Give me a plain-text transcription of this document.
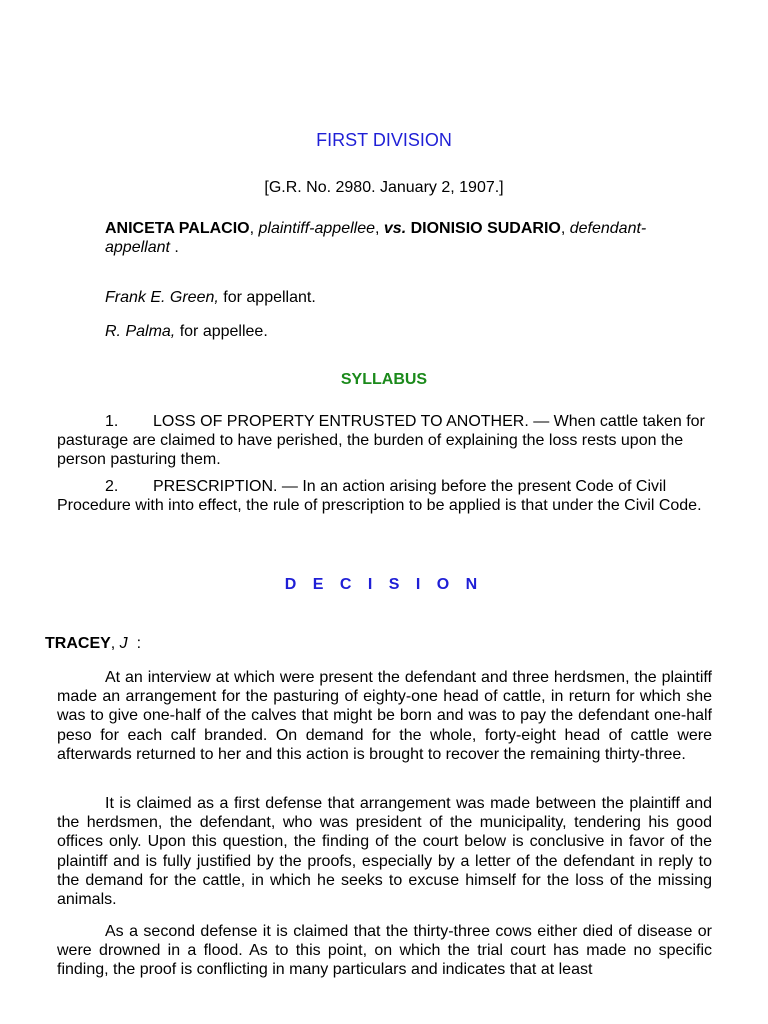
FIRST DIVISION
[G.R. No. 2980. January 2, 1907.]
ANICETA PALACIO, plaintiff-appellee, vs. DIONISIO SUDARIO, defendant-appellant .
Frank E. Green, for appellant.
R. Palma, for appellee.
SYLLABUS
1. LOSS OF PROPERTY ENTRUSTED TO ANOTHER. — When cattle taken for pasturage are claimed to have perished, the burden of explaining the loss rests upon the person pasturing them.
2. PRESCRIPTION. — In an action arising before the present Code of Civil Procedure with into effect, the rule of prescription to be applied is that under the Civil Code.
D E C I S I O N
TRACEY, J  :
At an interview at which were present the defendant and three herdsmen, the plaintiff made an arrangement for the pasturing of eighty-one head of cattle, in return for which she was to give one-half of the calves that might be born and was to pay the defendant one-half peso for each calf branded. On demand for the whole, forty-eight head of cattle were afterwards returned to her and this action is brought to recover the remaining thirty-three.
It is claimed as a first defense that arrangement was made between the plaintiff and the herdsmen, the defendant, who was president of the municipality, tendering his good offices only. Upon this question, the finding of the court below is conclusive in favor of the plaintiff and is fully justified by the proofs, especially by a letter of the defendant in reply to the demand for the cattle, in which he seeks to excuse himself for the loss of the missing animals.
As a second defense it is claimed that the thirty-three cows either died of disease or were drowned in a flood. As to this point, on which the trial court has made no specific finding, the proof is conflicting in many particulars and indicates that at least
